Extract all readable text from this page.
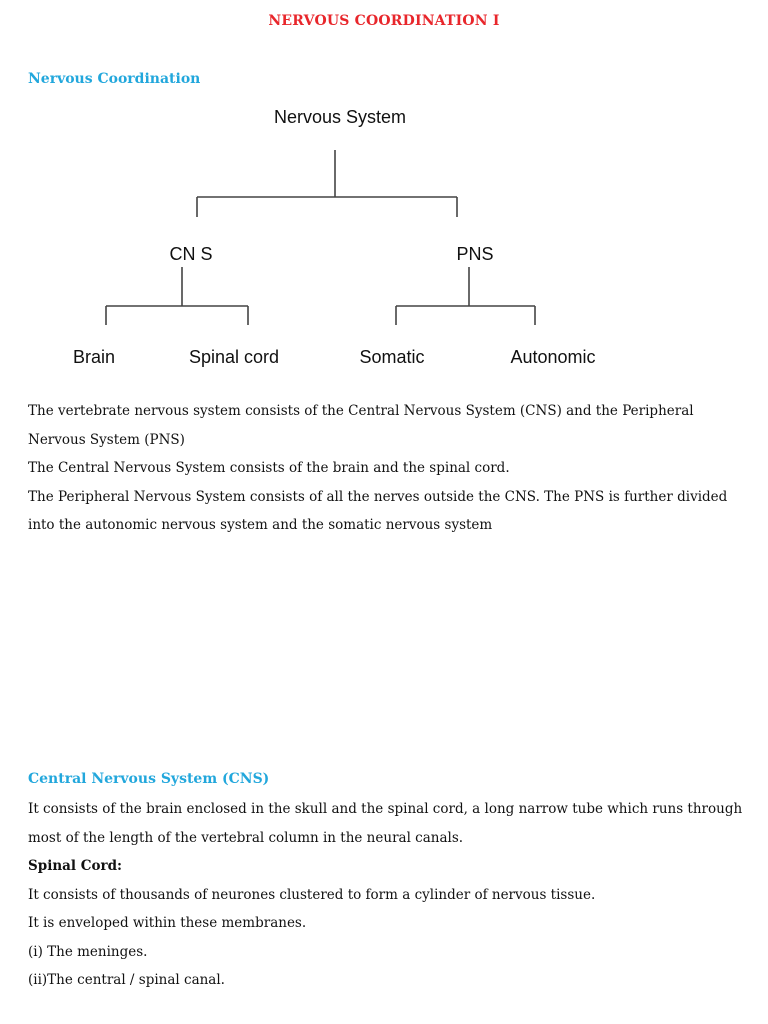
NERVOUS COORDINATION I
Nervous Coordination
Nervous System
CN S	PNS
Brain	Spinal cord	Somatic	Autonomic

The vertebrate nervous system consists of the Central Nervous System (CNS) and the Peripheral Nervous System (PNS)

The Central Nervous System consists of the brain and the spinal cord.

The Peripheral Nervous System consists of all the nerves outside the CNS. The PNS is further divided into the autonomic nervous system and the somatic nervous system

Central Nervous System (CNS)

It consists of the brain enclosed in the skull and the spinal cord, a long narrow tube which runs through most of the length of the vertebral column in the neural canals.

Spinal Cord:

It consists of thousands of neurones clustered to form a cylinder of nervous tissue.

It is enveloped within these membranes.

(i) The meninges.

(ii)The central / spinal canal.
